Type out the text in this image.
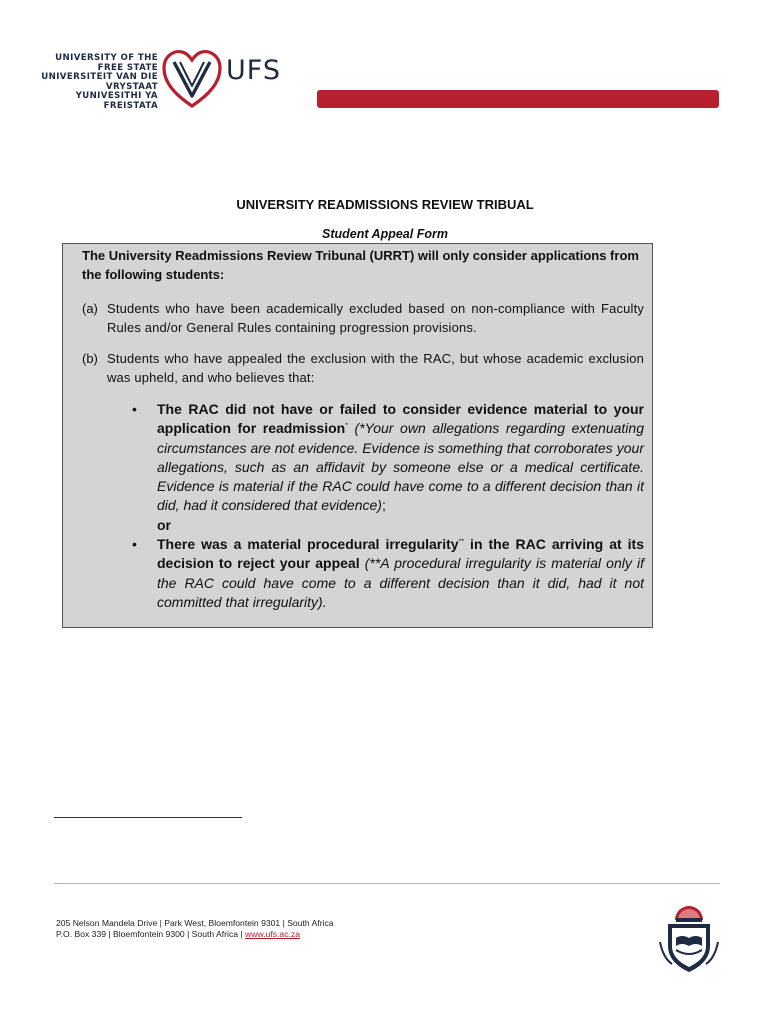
UNIVERSITY OF THE
FREE STATE
UNIVERSITEIT VAN DIE
VRYSTAAT
YUNIVESITHI YA
FREISTATA
UFS
UNIVERSITY READMISSIONS REVIEW TRIBUAL
Student Appeal Form
The University Readmissions Review Tribunal (URRT) will only consider applications from the following students:
(a) Students who have been academically excluded based on non-compliance with Faculty Rules and/or General Rules containing progression provisions.
(b) Students who have appealed the exclusion with the RAC, but whose academic exclusion was upheld, and who believes that:
• The RAC did not have or failed to consider evidence material to your application for readmission* (*Your own allegations regarding extenuating circumstances are not evidence. Evidence is something that corroborates your allegations, such as an affidavit by someone else or a medical certificate. Evidence is material if the RAC could have come to a different decision than it did, had it considered that evidence);
or
• There was a material procedural irregularity** in the RAC arriving at its decision to reject your appeal (**A procedural irregularity is material only if the RAC could have come to a different decision than it did, had it not committed that irregularity).
205 Nelson Mandela Drive | Park West, Bloemfontein 9301 | South Africa
P.O. Box 339 | Bloemfontein 9300 | South Africa | www.ufs.ac.za
